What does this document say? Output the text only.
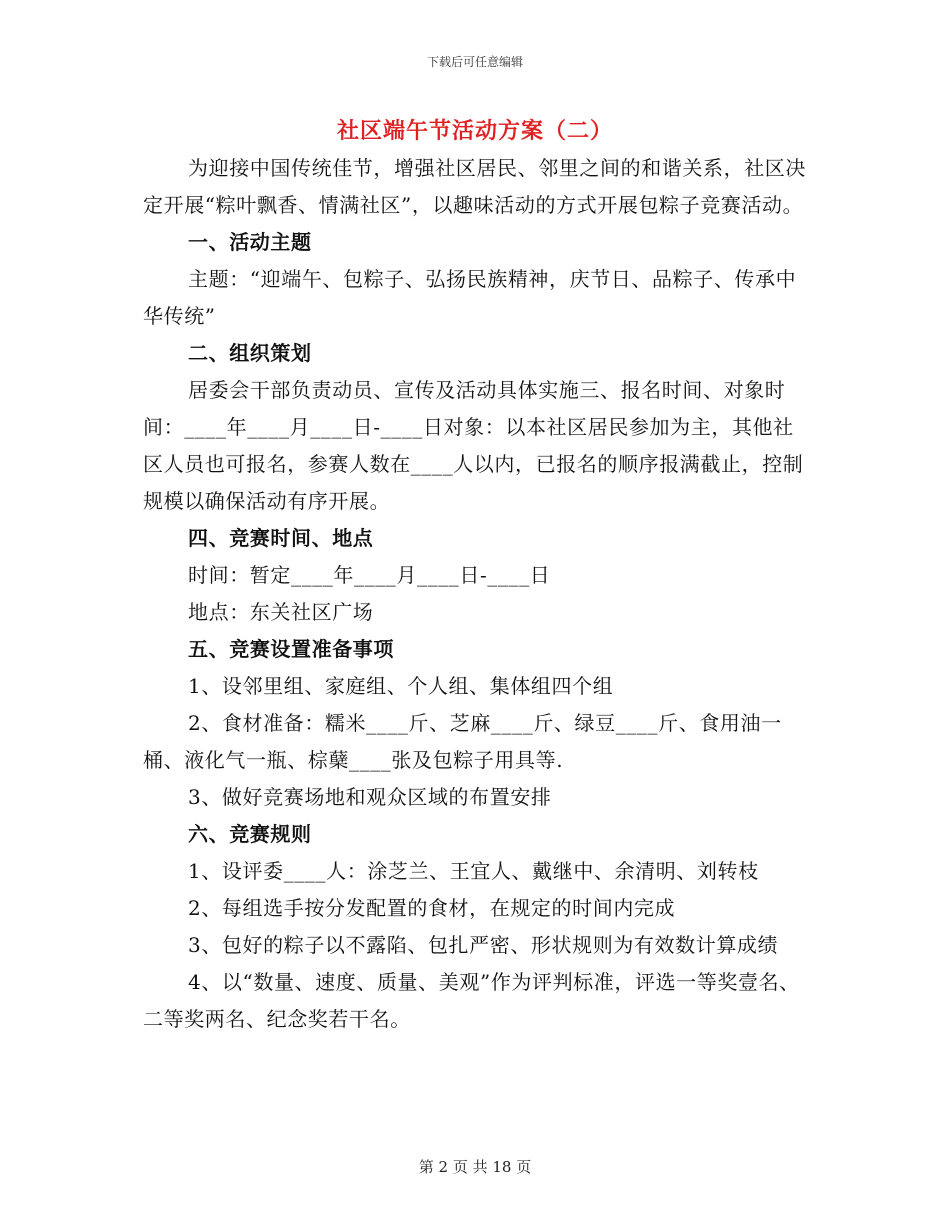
下载后可任意编辑
社区端午节活动方案（二）

为迎接中国传统佳节，增强社区居民、邻里之间的和谐关系，社区决定开展“粽叶飘香、情满社区”，以趣味活动的方式开展包粽子竞赛活动。

一、活动主题

主题：“迎端午、包粽子、弘扬民族精神，庆节日、品粽子、传承中华传统”

二、组织策划

居委会干部负责动员、宣传及活动具体实施三、报名时间、对象时间：____年____月____日-____日对象：以本社区居民参加为主，其他社区人员也可报名，参赛人数在____人以内，已报名的顺序报满截止，控制规模以确保活动有序开展。

四、竞赛时间、地点

时间：暂定____年____月____日-____日

地点：东关社区广场

五、竞赛设置准备事项

1、设邻里组、家庭组、个人组、集体组四个组

2、食材准备：糯米____斤、芝麻____斤、绿豆____斤、食用油一桶、液化气一瓶、棕蘖____张及包粽子用具等.

3、做好竞赛场地和观众区域的布置安排

六、竞赛规则

1、设评委____人：涂芝兰、王宜人、戴继中、余清明、刘转枝

2、每组选手按分发配置的食材，在规定的时间内完成

3、包好的粽子以不露陷、包扎严密、形状规则为有效数计算成绩

4、以“数量、速度、质量、美观”作为评判标准，评选一等奖壹名、二等奖两名、纪念奖若干名。

第 2 页 共 18 页
